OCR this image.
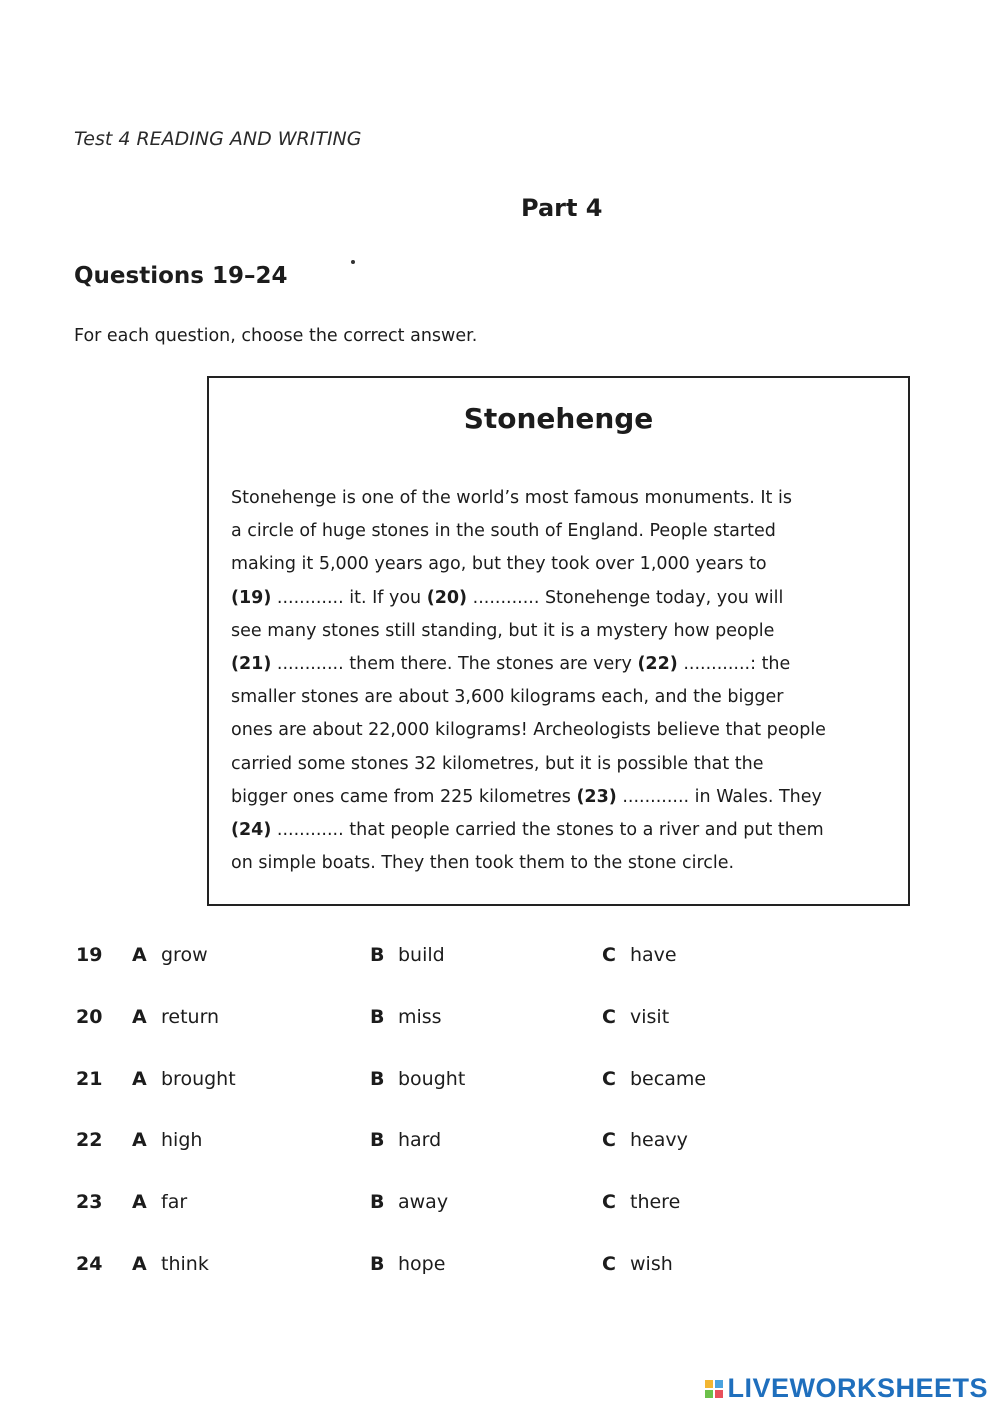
Test 4 READING AND WRITING
Part 4
Questions 19–24
For each question, choose the correct answer.
Stonehenge
Stonehenge is one of the world’s most famous monuments. It is
a circle of huge stones in the south of England. People started
making it 5,000 years ago, but they took over 1,000 years to
(19) ............ it. If you (20) ............ Stonehenge today, you will
see many stones still standing, but it is a mystery how people
(21) ............ them there. The stones are very (22) ............: the
smaller stones are about 3,600 kilograms each, and the bigger
ones are about 22,000 kilograms! Archeologists believe that people
carried some stones 32 kilometres, but it is possible that the
bigger ones came from 225 kilometres (23) ............ in Wales. They
(24) ............ that people carried the stones to a river and put them
on simple boats. They then took them to the stone circle.
19 A grow	B build	C have
20 A return	B miss	C visit
21 A brought	B bought	C became
22 A high	B hard	C heavy
23 A far	B away	C there
24 A think	B hope	C wish
LIVEWORKSHEETS
